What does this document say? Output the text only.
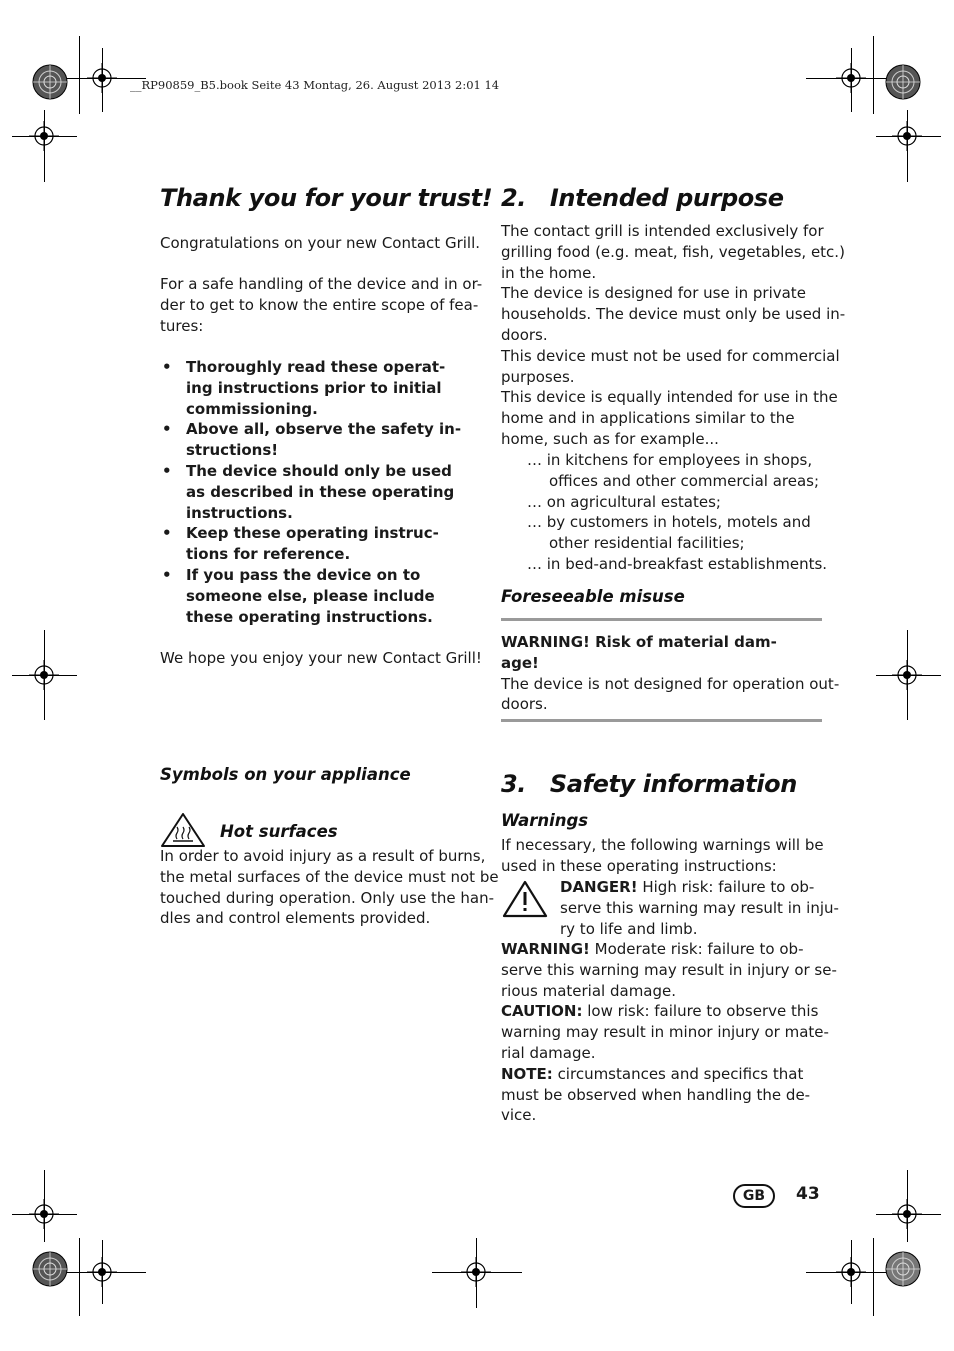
__RP90859_B5.book Seite 43 Montag, 26. August 2013 2:01 14
Thank you for your trust!
Congratulations on your new Contact Grill.
For a safe handling of the device and in or-
der to get to know the entire scope of fea-
tures:
• Thoroughly read these operat-
ing instructions prior to initial
commissioning.
• Above all, observe the safety in-
structions!
• The device should only be used
as described in these operating
instructions.
• Keep these operating instruc-
tions for reference.
• If you pass the device on to
someone else, please include
these operating instructions.
We hope you enjoy your new Contact Grill!
Symbols on your appliance
Hot surfaces
In order to avoid injury as a result of burns,
the metal surfaces of the device must not be
touched during operation. Only use the han-
dles and control elements provided.
2.   Intended purpose
The contact grill is intended exclusively for
grilling food (e.g. meat, fish, vegetables, etc.)
in the home.
The device is designed for use in private
households. The device must only be used in-
doors.
This device must not be used for commercial
purposes.
This device is equally intended for use in the
home and in applications similar to the
home, such as for example...
… in kitchens for employees in shops,
offices and other commercial areas;
… on agricultural estates;
… by customers in hotels, motels and
other residential facilities;
… in bed-and-breakfast establishments.
Foreseeable misuse
WARNING! Risk of material dam-
age!
The device is not designed for operation out-
doors.
3.   Safety information
Warnings
If necessary, the following warnings will be
used in these operating instructions:
DANGER! High risk: failure to ob-
serve this warning may result in inju-
ry to life and limb.
WARNING! Moderate risk: failure to ob-
serve this warning may result in injury or se-
rious material damage.
CAUTION: low risk: failure to observe this
warning may result in minor injury or mate-
rial damage.
NOTE: circumstances and specifics that
must be observed when handling the de-
vice.
GB 43
